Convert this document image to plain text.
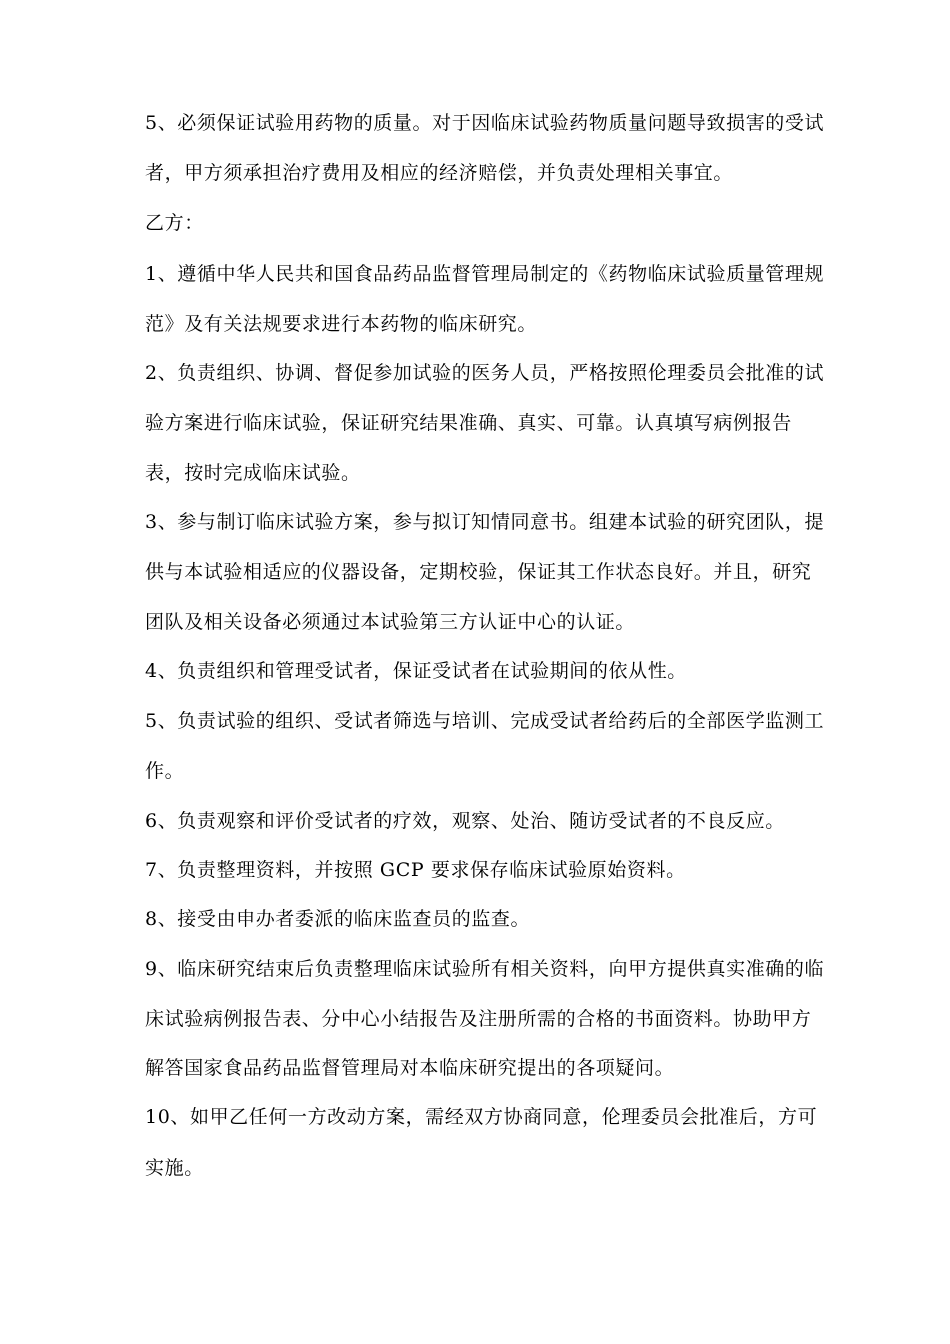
5、必须保证试验用药物的质量。对于因临床试验药物质量问题导致损害的受试
者，甲方须承担治疗费用及相应的经济赔偿，并负责处理相关事宜。
乙方：
1、遵循中华人民共和国食品药品监督管理局制定的《药物临床试验质量管理规
范》及有关法规要求进行本药物的临床研究。
2、负责组织、协调、督促参加试验的医务人员，严格按照伦理委员会批准的试
验方案进行临床试验，保证研究结果准确、真实、可靠。认真填写病例报告
表，按时完成临床试验。
3、参与制订临床试验方案，参与拟订知情同意书。组建本试验的研究团队，提
供与本试验相适应的仪器设备，定期校验，保证其工作状态良好。并且，研究
团队及相关设备必须通过本试验第三方认证中心的认证。
4、负责组织和管理受试者，保证受试者在试验期间的依从性。
5、负责试验的组织、受试者筛选与培训、完成受试者给药后的全部医学监测工
作。
6、负责观察和评价受试者的疗效，观察、处治、随访受试者的不良反应。
7、负责整理资料，并按照 GCP 要求保存临床试验原始资料。
8、接受由申办者委派的临床监查员的监查。
9、临床研究结束后负责整理临床试验所有相关资料，向甲方提供真实准确的临
床试验病例报告表、分中心小结报告及注册所需的合格的书面资料。协助甲方
解答国家食品药品监督管理局对本临床研究提出的各项疑问。
10、如甲乙任何一方改动方案，需经双方协商同意，伦理委员会批准后，方可
实施。
